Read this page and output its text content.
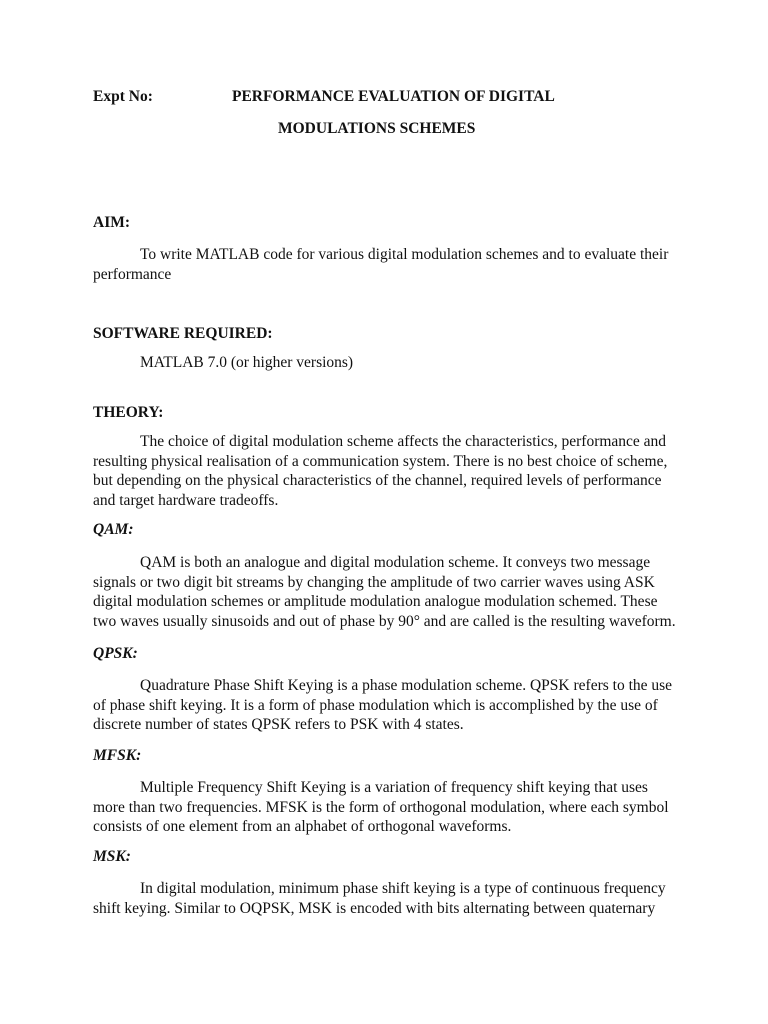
Expt No:	PERFORMANCE EVALUATION OF DIGITAL
MODULATIONS SCHEMES
AIM:
To write MATLAB code for various digital modulation schemes and to evaluate their
performance
SOFTWARE REQUIRED:
MATLAB 7.0 (or higher versions)
THEORY:
The choice of digital modulation scheme affects the characteristics, performance and
resulting physical realisation of a communication system. There is no best choice of scheme,
but depending on the physical characteristics of the channel, required levels of performance
and target hardware tradeoffs.
QAM:
QAM is both an analogue and digital modulation scheme. It conveys two message
signals or two digit bit streams by changing the amplitude of two carrier waves using ASK
digital modulation schemes or amplitude modulation analogue modulation schemed. These
two waves usually sinusoids and out of phase by 90° and are called is the resulting waveform.
QPSK:
Quadrature Phase Shift Keying is a phase modulation scheme. QPSK refers to the use
of phase shift keying. It is a form of phase modulation which is accomplished by the use of
discrete number of states QPSK refers to PSK with 4 states.
MFSK:
Multiple Frequency Shift Keying is a variation of frequency shift keying that uses
more than two frequencies. MFSK is the form of orthogonal modulation, where each symbol
consists of one element from an alphabet of orthogonal waveforms.
MSK:
In digital modulation, minimum phase shift keying is a type of continuous frequency
shift keying. Similar to OQPSK, MSK is encoded with bits alternating between quaternary
